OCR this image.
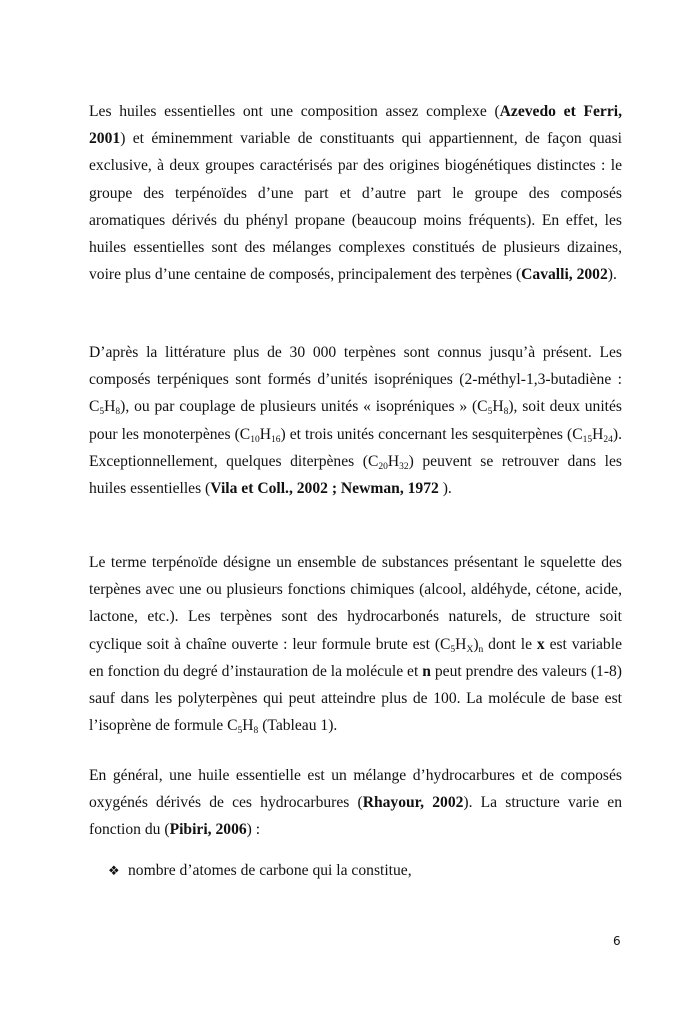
Les huiles essentielles ont une composition assez complexe (Azevedo et Ferri, 2001) et éminemment variable de constituants qui appartiennent, de façon quasi exclusive, à deux groupes caractérisés par des origines biogénétiques distinctes : le groupe des terpénoïdes d’une part et d’autre part le groupe des composés aromatiques dérivés du phényl propane (beaucoup moins fréquents). En effet, les huiles essentielles sont des mélanges complexes constitués de plusieurs dizaines, voire plus d’une centaine de composés, principalement des terpènes (Cavalli, 2002).

D’après la littérature plus de 30 000 terpènes sont connus jusqu’à présent. Les composés terpéniques sont formés d’unités isopréniques (2-méthyl-1,3-butadiène : $C_5H_8$), ou par couplage de plusieurs unités « isopréniques » $(C_5H_8)$, soit deux unités pour les monoterpènes $(C_{10}H_{16})$ et trois unités concernant les sesquiterpènes $(C_{15}H_{24})$. Exceptionnellement, quelques diterpènes $(C_{20}H_{32})$ peuvent se retrouver dans les huiles essentielles (Vila et Coll., 2002 ; Newman, 1972 ).

Le terme terpénoïde désigne un ensemble de substances présentant le squelette des terpènes avec une ou plusieurs fonctions chimiques (alcool, aldéhyde, cétone, acide, lactone, etc.). Les terpènes sont des hydrocarbonés naturels, de structure soit cyclique soit à chaîne ouverte : leur formule brute est $(C_5H_X)_n$ dont le x est variable en fonction du degré d’instauration de la molécule et n peut prendre des valeurs (1-8) sauf dans les polyterpènes qui peut atteindre plus de 100. La molécule de base est l’isoprène de formule $C_5H_8$ (Tableau 1).

En général, une huile essentielle est un mélange d’hydrocarbures et de composés oxygénés dérivés de ces hydrocarbures (Rhayour, 2002). La structure varie en fonction du (Pibiri, 2006) :

❖ nombre d’atomes de carbone qui la constitue,
6
